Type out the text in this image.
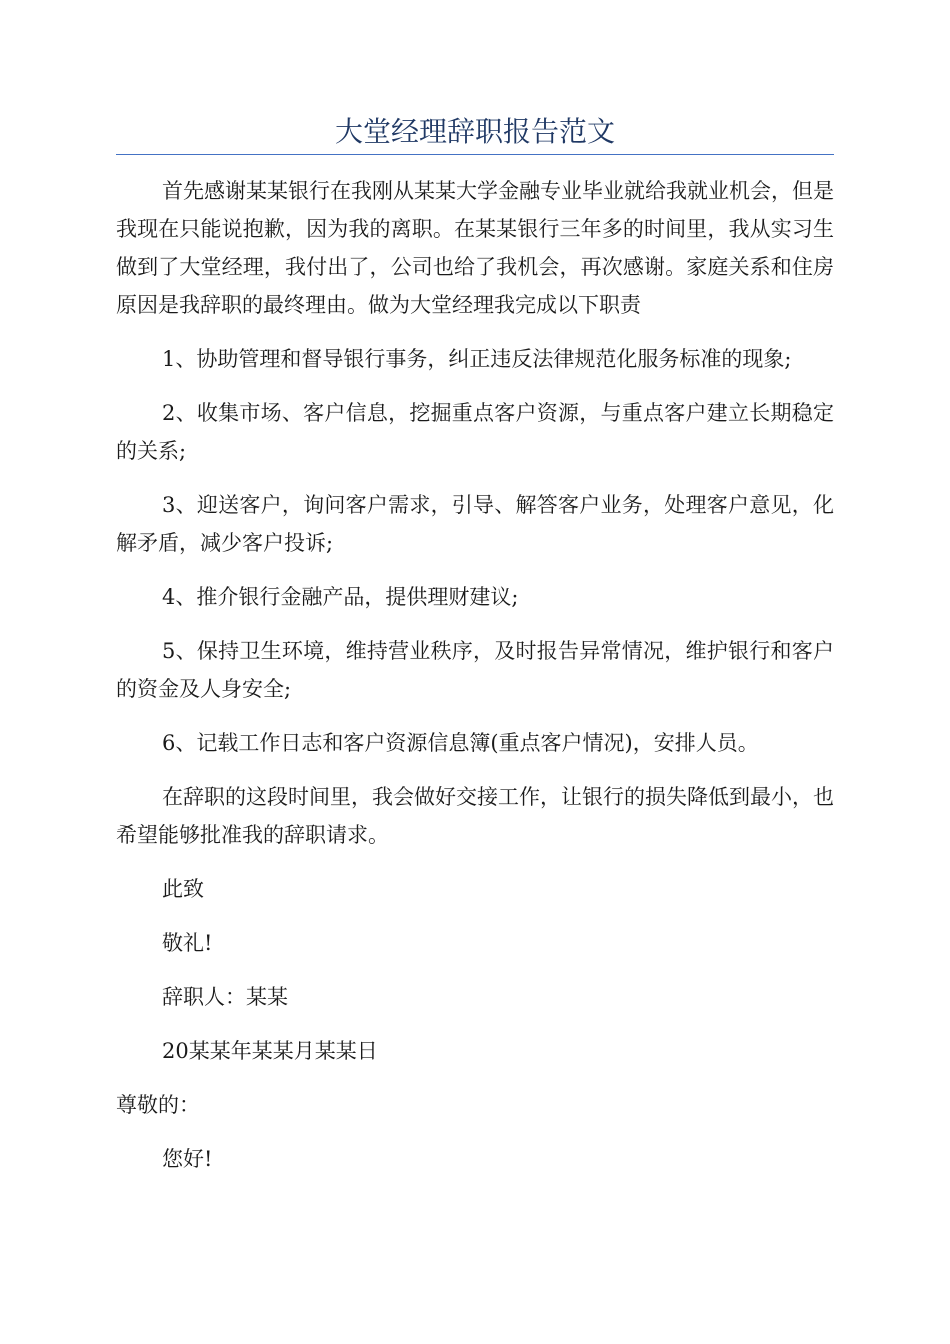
大堂经理辞职报告范文

首先感谢某某银行在我刚从某某大学金融专业毕业就给我就业机会，但是我现在只能说抱歉，因为我的离职。在某某银行三年多的时间里，我从实习生做到了大堂经理，我付出了，公司也给了我机会，再次感谢。家庭关系和住房原因是我辞职的最终理由。做为大堂经理我完成以下职责

1、协助管理和督导银行事务，纠正违反法律规范化服务标准的现象;

2、收集市场、客户信息，挖掘重点客户资源，与重点客户建立长期稳定的关系;

3、迎送客户，询问客户需求，引导、解答客户业务，处理客户意见，化解矛盾，减少客户投诉;

4、推介银行金融产品，提供理财建议;

5、保持卫生环境，维持营业秩序，及时报告异常情况，维护银行和客户的资金及人身安全;

6、记载工作日志和客户资源信息簿(重点客户情况)，安排人员。

在辞职的这段时间里，我会做好交接工作，让银行的损失降低到最小，也希望能够批准我的辞职请求。

此致

敬礼!

辞职人：某某

20某某年某某月某某日

尊敬的：

您好!
